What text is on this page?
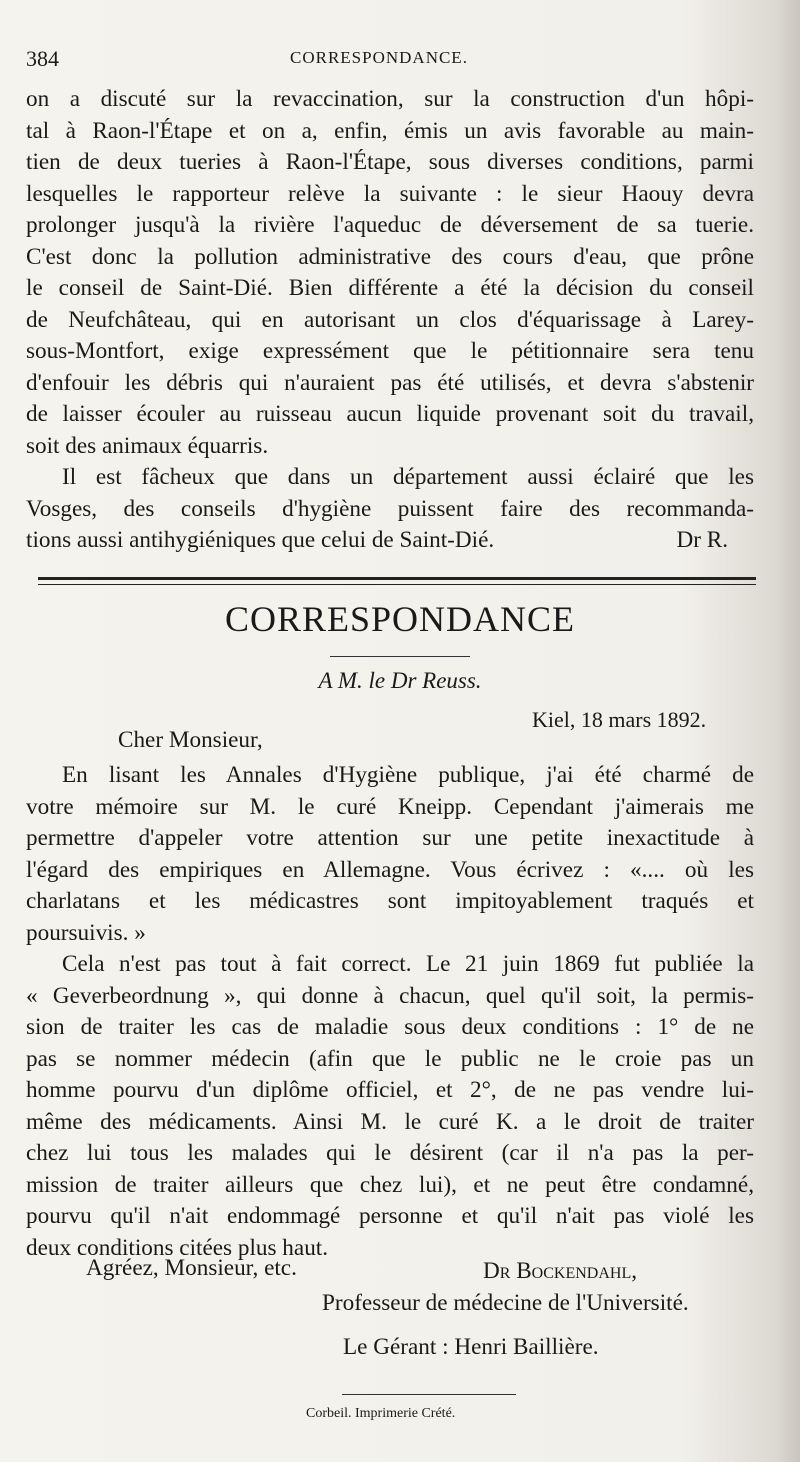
384	CORRESPONDANCE.
on a discuté sur la revaccination, sur la construction d'un hôpi-
tal à Raon-l'Étape et on a, enfin, émis un avis favorable au main-
tien de deux tueries à Raon-l'Étape, sous diverses conditions, parmi
lesquelles le rapporteur relève la suivante : le sieur Haouy devra
prolonger jusqu'à la rivière l'aqueduc de déversement de sa tuerie.
C'est donc la pollution administrative des cours d'eau, que prône
le conseil de Saint-Dié. Bien différente a été la décision du conseil
de Neufchâteau, qui en autorisant un clos d'équarissage à Larey-
sous-Montfort, exige expressément que le pétitionnaire sera tenu
d'enfouir les débris qui n'auraient pas été utilisés, et devra s'abstenir
de laisser écouler au ruisseau aucun liquide provenant soit du travail,
soit des animaux équarris.
Il est fâcheux que dans un département aussi éclairé que les
Vosges, des conseils d'hygiène puissent faire des recommanda-
tions aussi antihygiéniques que celui de Saint-Dié.	Dr R.
CORRESPONDANCE
A M. le Dr Reuss.
Kiel, 18 mars 1892.
Cher Monsieur,
En lisant les Annales d'Hygiène publique, j'ai été charmé de
votre mémoire sur M. le curé Kneipp. Cependant j'aimerais me
permettre d'appeler votre attention sur une petite inexactitude à
l'égard des empiriques en Allemagne. Vous écrivez : «.... où les
charlatans et les médicastres sont impitoyablement traqués et
poursuivis. »
Cela n'est pas tout à fait correct. Le 21 juin 1869 fut publiée la
« Geverbeordnung », qui donne à chacun, quel qu'il soit, la permis-
sion de traiter les cas de maladie sous deux conditions : 1° de ne
pas se nommer médecin (afin que le public ne le croie pas un
homme pourvu d'un diplôme officiel, et 2°, de ne pas vendre lui-
même des médicaments. Ainsi M. le curé K. a le droit de traiter
chez lui tous les malades qui le désirent (car il n'a pas la per-
mission de traiter ailleurs que chez lui), et ne peut être condamné,
pourvu qu'il n'ait endommagé personne et qu'il n'ait pas violé les
deux conditions citées plus haut.
Agréez, Monsieur, etc.	Dr Bockendahl,
Professeur de médecine de l'Université.
Le Gérant : Henri Baillière.
Corbeil. Imprimerie Crété.
